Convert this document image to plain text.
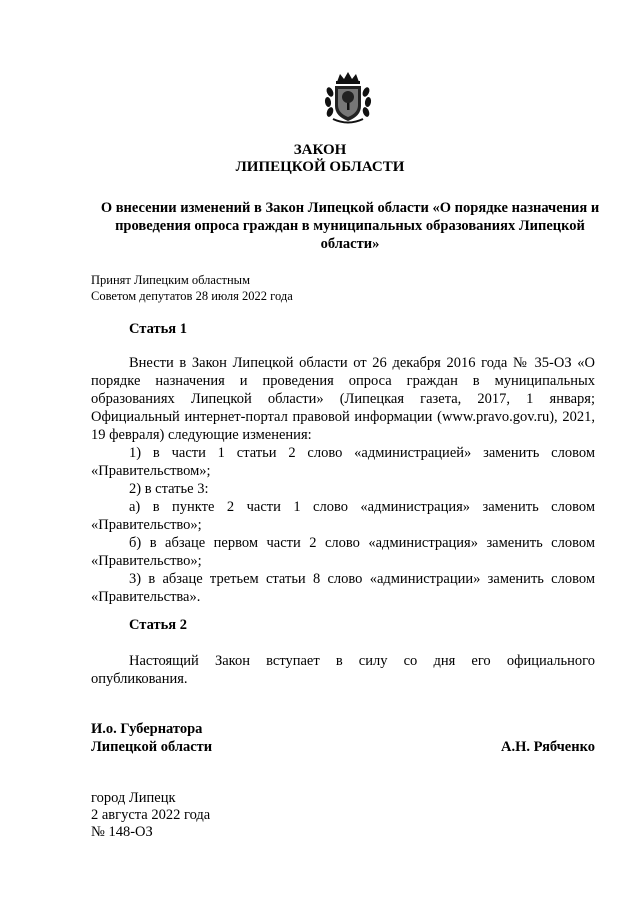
ЗАКОН
ЛИПЕЦКОЙ ОБЛАСТИ
О внесении изменений в Закон Липецкой области «О порядке назначения и проведения опроса граждан в муниципальных образованиях Липецкой области»
Принят Липецким областным
Советом депутатов 28 июля 2022 года
Статья 1

Внести в Закон Липецкой области от 26 декабря 2016 года № 35-ОЗ «О порядке назначения и проведения опроса граждан в муниципальных образованиях Липецкой области» (Липецкая газета, 2017, 1 января; Официальный интернет-портал правовой информации (www.pravo.gov.ru), 2021, 19 февраля) следующие изменения:

1) в части 1 статьи 2 слово «администрацией» заменить словом «Правительством»;

2) в статье 3:

а) в пункте 2 части 1 слово «администрация» заменить словом «Правительство»;

б) в абзаце первом части 2 слово «администрация» заменить словом «Правительство»;

3) в абзаце третьем статьи 8 слово «администрации» заменить словом «Правительства».

Статья 2

Настоящий Закон вступает в силу со дня его официального опубликования.

И.о. Губернатора
Липецкой области	А.Н. Рябченко
город Липецк
2 августа 2022 года
№ 148-ОЗ
